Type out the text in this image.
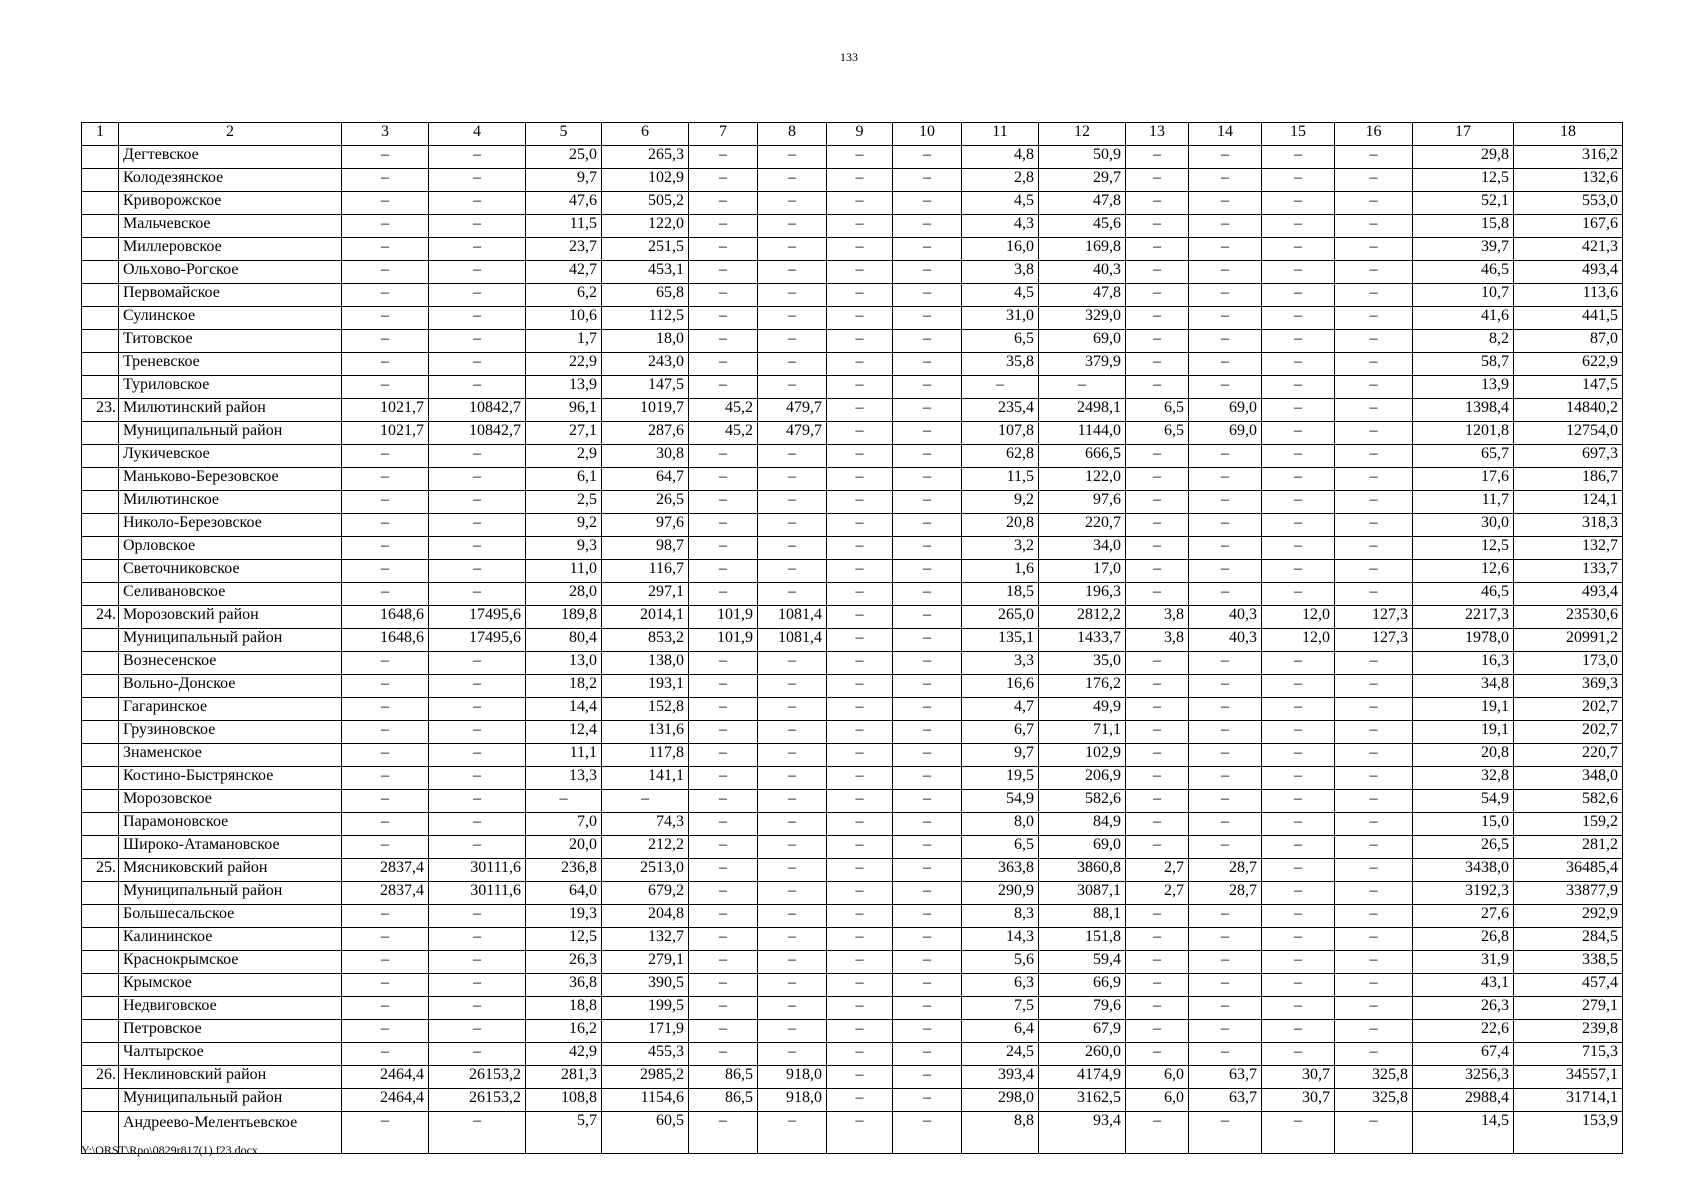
133
1	2	3	4	5	6	7	8	9	10	11	12	13	14	15	16	17	18
	Дегтевское	–	–	25,0	265,3	–	–	–	–	4,8	50,9	–	–	–	–	29,8	316,2
	Колодезянское	–	–	9,7	102,9	–	–	–	–	2,8	29,7	–	–	–	–	12,5	132,6
	Криворожское	–	–	47,6	505,2	–	–	–	–	4,5	47,8	–	–	–	–	52,1	553,0
	Мальчевское	–	–	11,5	122,0	–	–	–	–	4,3	45,6	–	–	–	–	15,8	167,6
	Миллеровское	–	–	23,7	251,5	–	–	–	–	16,0	169,8	–	–	–	–	39,7	421,3
	Ольхово-Рогское	–	–	42,7	453,1	–	–	–	–	3,8	40,3	–	–	–	–	46,5	493,4
	Первомайское	–	–	6,2	65,8	–	–	–	–	4,5	47,8	–	–	–	–	10,7	113,6
	Сулинское	–	–	10,6	112,5	–	–	–	–	31,0	329,0	–	–	–	–	41,6	441,5
	Титовское	–	–	1,7	18,0	–	–	–	–	6,5	69,0	–	–	–	–	8,2	87,0
	Треневское	–	–	22,9	243,0	–	–	–	–	35,8	379,9	–	–	–	–	58,7	622,9
	Туриловское	–	–	13,9	147,5	–	–	–	–	–	–	–	–	–	–	13,9	147,5
23.	Милютинский район	1021,7	10842,7	96,1	1019,7	45,2	479,7	–	–	235,4	2498,1	6,5	69,0	–	–	1398,4	14840,2
	Муниципальный район	1021,7	10842,7	27,1	287,6	45,2	479,7	–	–	107,8	1144,0	6,5	69,0	–	–	1201,8	12754,0
	Лукичевское	–	–	2,9	30,8	–	–	–	–	62,8	666,5	–	–	–	–	65,7	697,3
	Маньково-Березовское	–	–	6,1	64,7	–	–	–	–	11,5	122,0	–	–	–	–	17,6	186,7
	Милютинское	–	–	2,5	26,5	–	–	–	–	9,2	97,6	–	–	–	–	11,7	124,1
	Николо-Березовское	–	–	9,2	97,6	–	–	–	–	20,8	220,7	–	–	–	–	30,0	318,3
	Орловское	–	–	9,3	98,7	–	–	–	–	3,2	34,0	–	–	–	–	12,5	132,7
	Светочниковское	–	–	11,0	116,7	–	–	–	–	1,6	17,0	–	–	–	–	12,6	133,7
	Селивановское	–	–	28,0	297,1	–	–	–	–	18,5	196,3	–	–	–	–	46,5	493,4
24.	Морозовский район	1648,6	17495,6	189,8	2014,1	101,9	1081,4	–	–	265,0	2812,2	3,8	40,3	12,0	127,3	2217,3	23530,6
	Муниципальный район	1648,6	17495,6	80,4	853,2	101,9	1081,4	–	–	135,1	1433,7	3,8	40,3	12,0	127,3	1978,0	20991,2
	Вознесенское	–	–	13,0	138,0	–	–	–	–	3,3	35,0	–	–	–	–	16,3	173,0
	Вольно-Донское	–	–	18,2	193,1	–	–	–	–	16,6	176,2	–	–	–	–	34,8	369,3
	Гагаринское	–	–	14,4	152,8	–	–	–	–	4,7	49,9	–	–	–	–	19,1	202,7
	Грузиновское	–	–	12,4	131,6	–	–	–	–	6,7	71,1	–	–	–	–	19,1	202,7
	Знаменское	–	–	11,1	117,8	–	–	–	–	9,7	102,9	–	–	–	–	20,8	220,7
	Костино-Быстрянское	–	–	13,3	141,1	–	–	–	–	19,5	206,9	–	–	–	–	32,8	348,0
	Морозовское	–	–	–	–	–	–	–	–	54,9	582,6	–	–	–	–	54,9	582,6
	Парамоновское	–	–	7,0	74,3	–	–	–	–	8,0	84,9	–	–	–	–	15,0	159,2
	Широко-Атамановское	–	–	20,0	212,2	–	–	–	–	6,5	69,0	–	–	–	–	26,5	281,2
25.	Мясниковский район	2837,4	30111,6	236,8	2513,0	–	–	–	–	363,8	3860,8	2,7	28,7	–	–	3438,0	36485,4
	Муниципальный район	2837,4	30111,6	64,0	679,2	–	–	–	–	290,9	3087,1	2,7	28,7	–	–	3192,3	33877,9
	Большесальское	–	–	19,3	204,8	–	–	–	–	8,3	88,1	–	–	–	–	27,6	292,9
	Калининское	–	–	12,5	132,7	–	–	–	–	14,3	151,8	–	–	–	–	26,8	284,5
	Краснокрымское	–	–	26,3	279,1	–	–	–	–	5,6	59,4	–	–	–	–	31,9	338,5
	Крымское	–	–	36,8	390,5	–	–	–	–	6,3	66,9	–	–	–	–	43,1	457,4
	Недвиговское	–	–	18,8	199,5	–	–	–	–	7,5	79,6	–	–	–	–	26,3	279,1
	Петровское	–	–	16,2	171,9	–	–	–	–	6,4	67,9	–	–	–	–	22,6	239,8
	Чалтырское	–	–	42,9	455,3	–	–	–	–	24,5	260,0	–	–	–	–	67,4	715,3
26.	Неклиновский район	2464,4	26153,2	281,3	2985,2	86,5	918,0	–	–	393,4	4174,9	6,0	63,7	30,7	325,8	3256,3	34557,1
	Муниципальный район	2464,4	26153,2	108,8	1154,6	86,5	918,0	–	–	298,0	3162,5	6,0	63,7	30,7	325,8	2988,4	31714,1
	Андреево-Мелентьевское	–	–	5,7	60,5	–	–	–	–	8,8	93,4	–	–	–	–	14,5	153,9
Y:\ORST\Rpo\0829r817(1).f23.docx
